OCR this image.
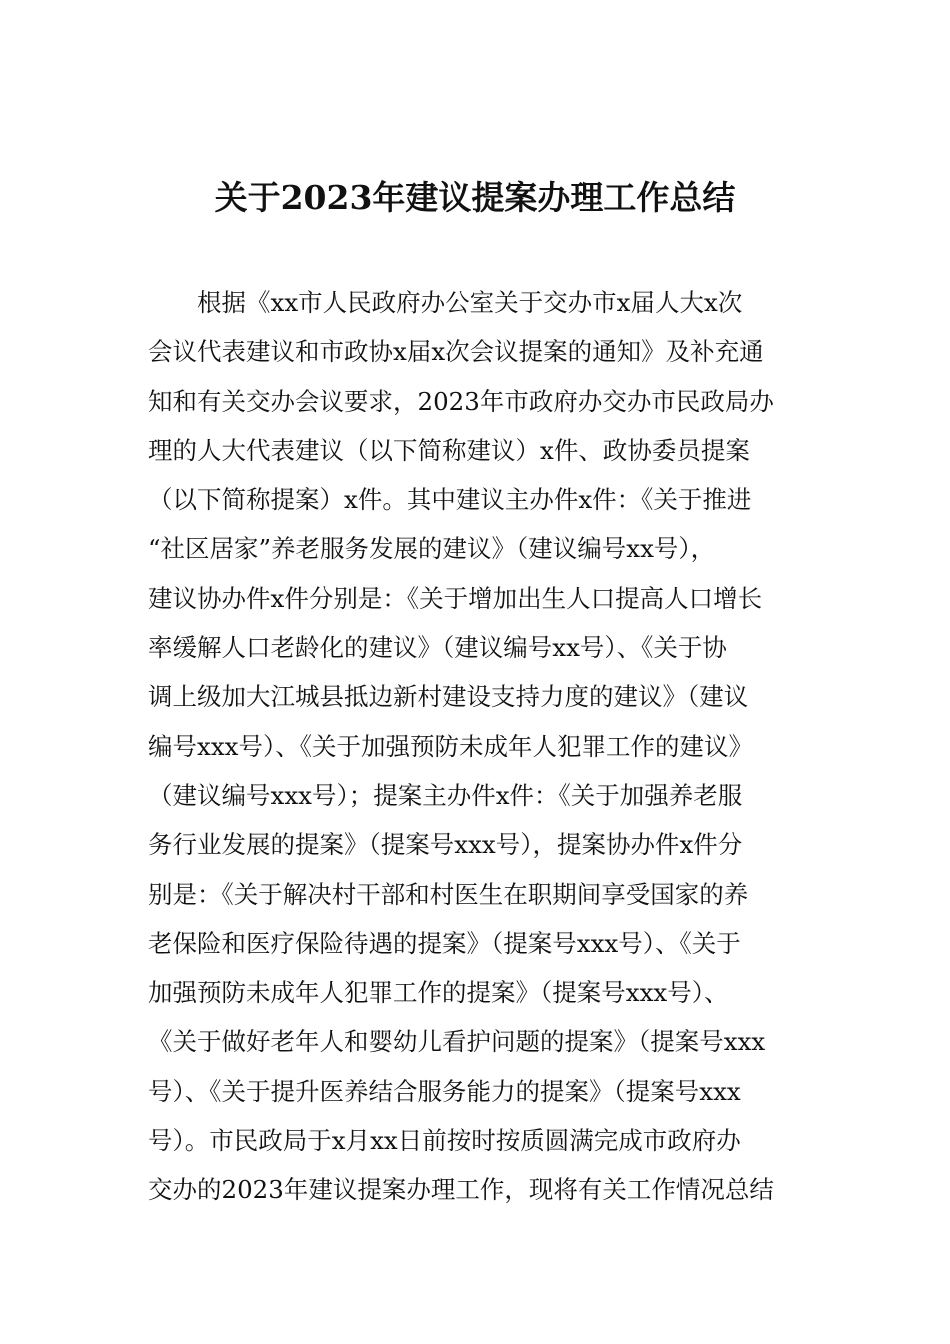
关于2023年建议提案办理工作总结
根据《xx市人民政府办公室关于交办市x届人大x次
会议代表建议和市政协x届x次会议提案的通知》及补充通
知和有关交办会议要求，2023年市政府办交办市民政局办
理的人大代表建议（以下简称建议）x件、政协委员提案
（以下简称提案）x件。其中建议主办件x件：《关于推进
“社区居家”养老服务发展的建议》（建议编号xx号），
建议协办件x件分别是：《关于增加出生人口提高人口增长
率缓解人口老龄化的建议》（建议编号xx号）、《关于协
调上级加大江城县抵边新村建设支持力度的建议》（建议
编号xxx号）、《关于加强预防未成年人犯罪工作的建议》
（建议编号xxx号）；提案主办件x件：《关于加强养老服
务行业发展的提案》（提案号xxx号），提案协办件x件分
别是：《关于解决村干部和村医生在职期间享受国家的养
老保险和医疗保险待遇的提案》（提案号xxx号）、《关于
加强预防未成年人犯罪工作的提案》（提案号xxx号）、
《关于做好老年人和婴幼儿看护问题的提案》（提案号xxx
号）、《关于提升医养结合服务能力的提案》（提案号xxx
号）。市民政局于x月xx日前按时按质圆满完成市政府办
交办的2023年建议提案办理工作，现将有关工作情况总结
